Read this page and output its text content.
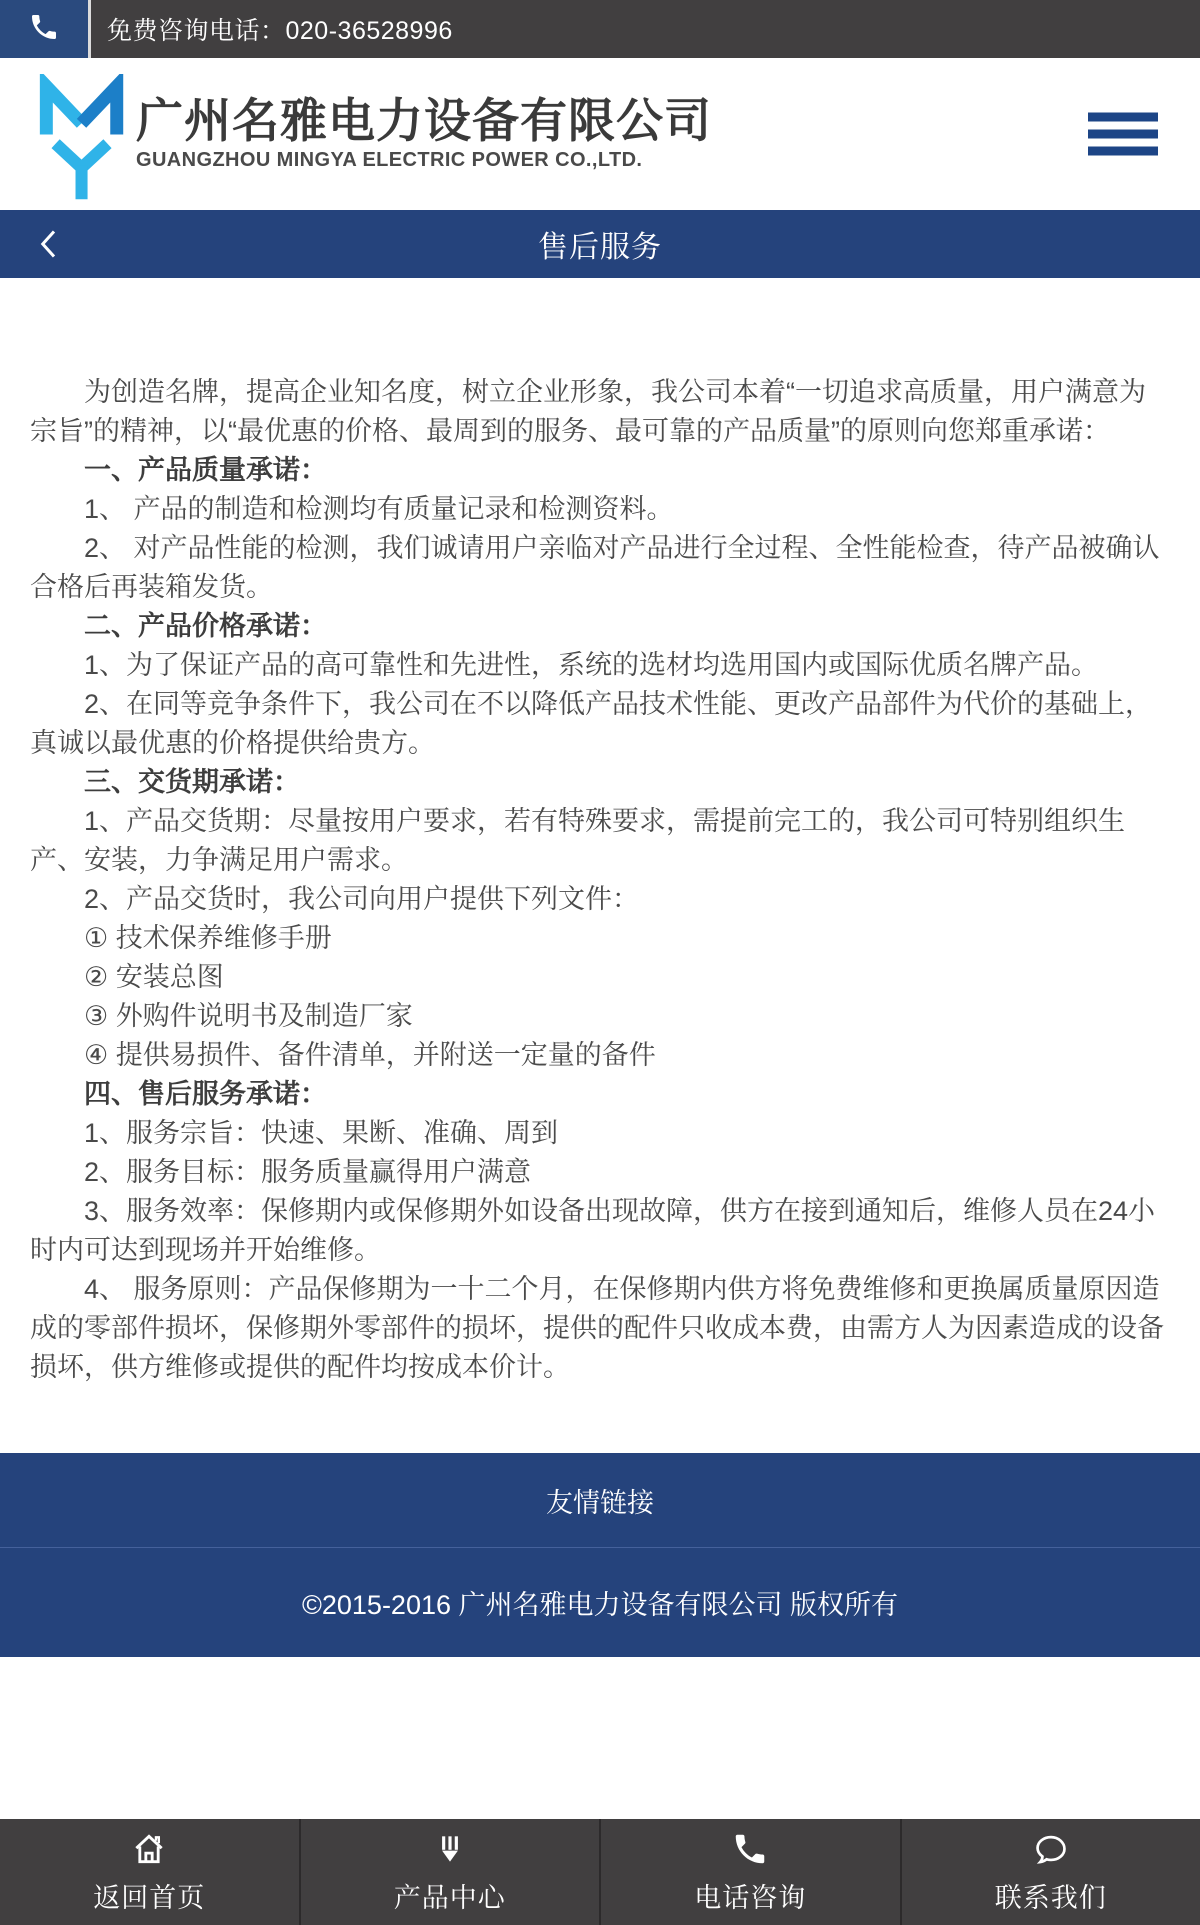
免费咨询电话：020-36528996
广州名雅电力设备有限公司
GUANGZHOU MINGYA ELECTRIC POWER CO.,LTD.
售后服务

为创造名牌，提高企业知名度，树立企业形象，我公司本着“一切追求高质量，用户满意为宗旨”的精神，以“最优惠的价格、最周到的服务、最可靠的产品质量”的原则向您郑重承诺：

一、产品质量承诺：

1、 产品的制造和检测均有质量记录和检测资料。

2、 对产品性能的检测，我们诚请用户亲临对产品进行全过程、全性能检查，待产品被确认合格后再装箱发货。

二、产品价格承诺：

1、为了保证产品的高可靠性和先进性，系统的选材均选用国内或国际优质名牌产品。

2、在同等竞争条件下，我公司在不以降低产品技术性能、更改产品部件为代价的基础上，真诚以最优惠的价格提供给贵方。

三、交货期承诺：

1、产品交货期：尽量按用户要求，若有特殊要求，需提前完工的，我公司可特别组织生产、安装，力争满足用户需求。

2、产品交货时，我公司向用户提供下列文件：

① 技术保养维修手册

② 安装总图

③ 外购件说明书及制造厂家

④ 提供易损件、备件清单，并附送一定量的备件

四、售后服务承诺：

1、服务宗旨：快速、果断、准确、周到

2、服务目标：服务质量赢得用户满意

3、服务效率：保修期内或保修期外如设备出现故障，供方在接到通知后，维修人员在24小时内可达到现场并开始维修。

4、 服务原则：产品保修期为一十二个月，在保修期内供方将免费维修和更换属质量原因造成的零部件损坏，保修期外零部件的损坏，提供的配件只收成本费，由需方人为因素造成的设备损坏，供方维修或提供的配件均按成本价计。

友情链接
©2015-2016 广州名雅电力设备有限公司 版权所有
返回首页	产品中心	电话咨询	联系我们
